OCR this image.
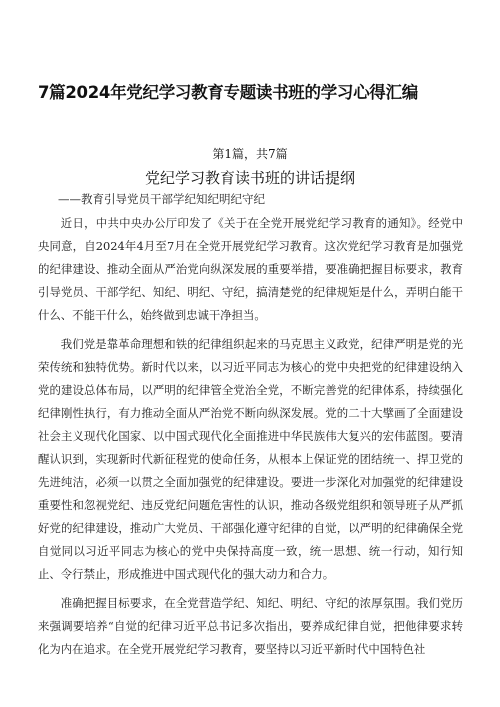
7篇2024年党纪学习教育专题读书班的学习心得汇编
第1篇，共7篇
党纪学习教育读书班的讲话提纲
——教育引导党员干部学纪知纪明纪守纪

近日，中共中央办公厅印发了《关于在全党开展党纪学习教育的通知》。经党中央同意，自2024年4月至7月在全党开展党纪学习教育。这次党纪学习教育是加强党的纪律建设、推动全面从严治党向纵深发展的重要举措，要准确把握目标要求，教育引导党员、干部学纪、知纪、明纪、守纪，搞清楚党的纪律规矩是什么，弄明白能干什么、不能干什么，始终做到忠诚干净担当。

我们党是靠革命理想和铁的纪律组织起来的马克思主义政党，纪律严明是党的光荣传统和独特优势。新时代以来，以习近平同志为核心的党中央把党的纪律建设纳入党的建设总体布局，以严明的纪律管全党治全党，不断完善党的纪律体系，持续强化纪律刚性执行，有力推动全面从严治党不断向纵深发展。党的二十大擘画了全面建设社会主义现代化国家、以中国式现代化全面推进中华民族伟大复兴的宏伟蓝图。要清醒认识到，实现新时代新征程党的使命任务，从根本上保证党的团结统一、捍卫党的先进纯洁，必须一以贯之全面加强党的纪律建设。要进一步深化对加强党的纪律建设重要性和忽视党纪、违反党纪问题危害性的认识，推动各级党组织和领导班子从严抓好党的纪律建设，推动广大党员、干部强化遵守纪律的自觉，以严明的纪律确保全党自觉同以习近平同志为核心的党中央保持高度一致，统一思想、统一行动，知行知止、令行禁止，形成推进中国式现代化的强大动力和合力。

准确把握目标要求，在全党营造学纪、知纪、明纪、守纪的浓厚氛围。我们党历来强调要培养“自觉的纪律习近平总书记多次指出，要养成纪律自觉，把他律要求转化为内在追求。在全党开展党纪学习教育，要坚持以习近平新时代中国特色社
